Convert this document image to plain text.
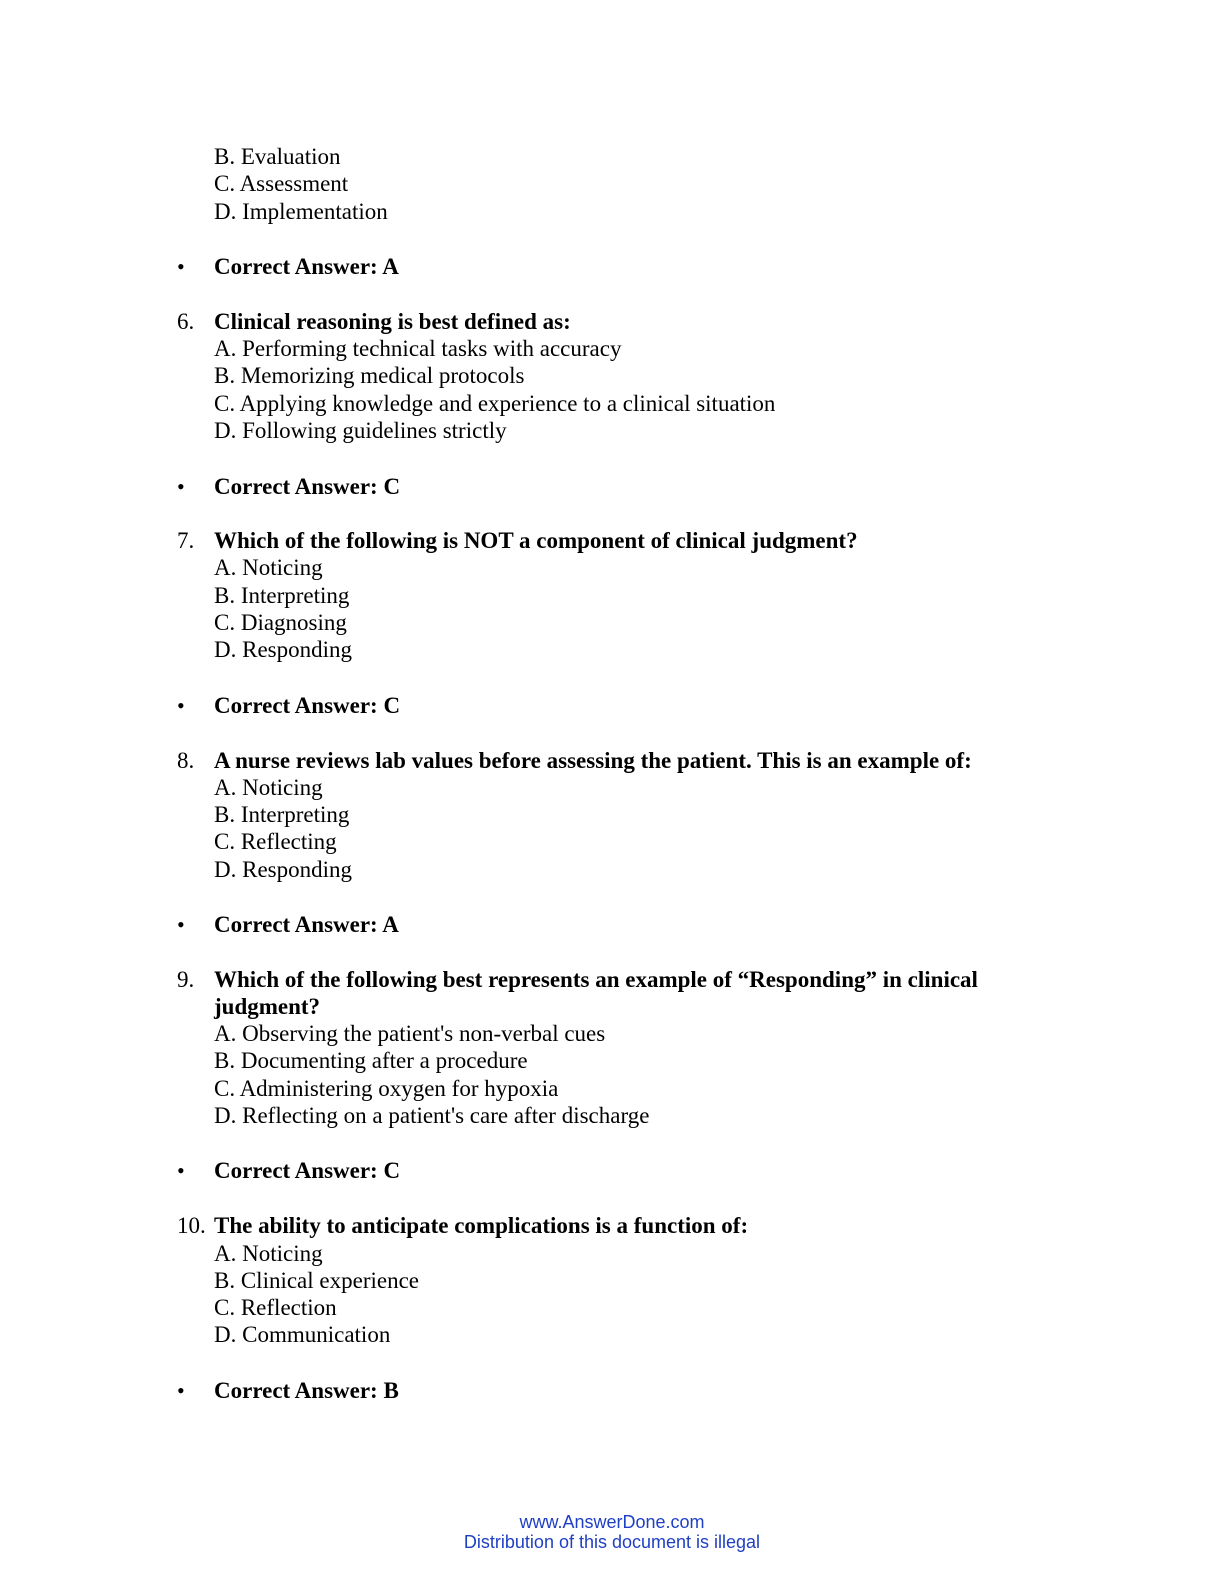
B. Evaluation
C. Assessment
D. Implementation
• Correct Answer: A
6. Clinical reasoning is best defined as:
A. Performing technical tasks with accuracy
B. Memorizing medical protocols
C. Applying knowledge and experience to a clinical situation
D. Following guidelines strictly
• Correct Answer: C
7. Which of the following is NOT a component of clinical judgment?
A. Noticing
B. Interpreting
C. Diagnosing
D. Responding
• Correct Answer: C
8. A nurse reviews lab values before assessing the patient. This is an example of:
A. Noticing
B. Interpreting
C. Reflecting
D. Responding
• Correct Answer: A
9. Which of the following best represents an example of “Responding” in clinical
judgment?
A. Observing the patient's non-verbal cues
B. Documenting after a procedure
C. Administering oxygen for hypoxia
D. Reflecting on a patient's care after discharge
• Correct Answer: C
10. The ability to anticipate complications is a function of:
A. Noticing
B. Clinical experience
C. Reflection
D. Communication
• Correct Answer: B
www.AnswerDone.com
Distribution of this document is illegal
